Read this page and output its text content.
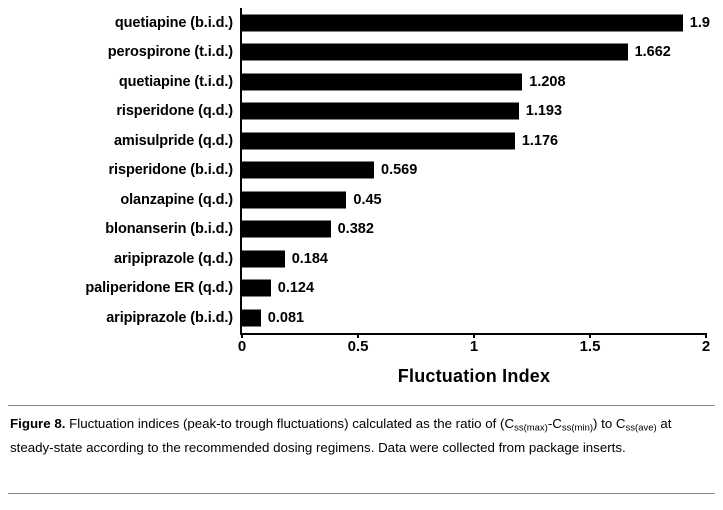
quetiapine (b.i.d.)	1.9
perospirone (t.i.d.)	1.662
quetiapine (t.i.d.)	1.208
risperidone (q.d.)	1.193
amisulpride (q.d.)	1.176
risperidone (b.i.d.)	0.569
olanzapine (q.d.)	0.45
blonanserin (b.i.d.)	0.382
aripiprazole (q.d.)	0.184
paliperidone ER (q.d.)	0.124
aripiprazole (b.i.d.) 0.081
0	0.5	1	1.5	2
Fluctuation Index
Figure 8. Fluctuation indices (peak-to trough fluctuations) calculated as the ratio of $(C_{ss(max)}-C_{ss(min)})$ to $C_{ss(ave)}$ at steady-state according to the recommended dosing regimens. Data were collected from package inserts.
